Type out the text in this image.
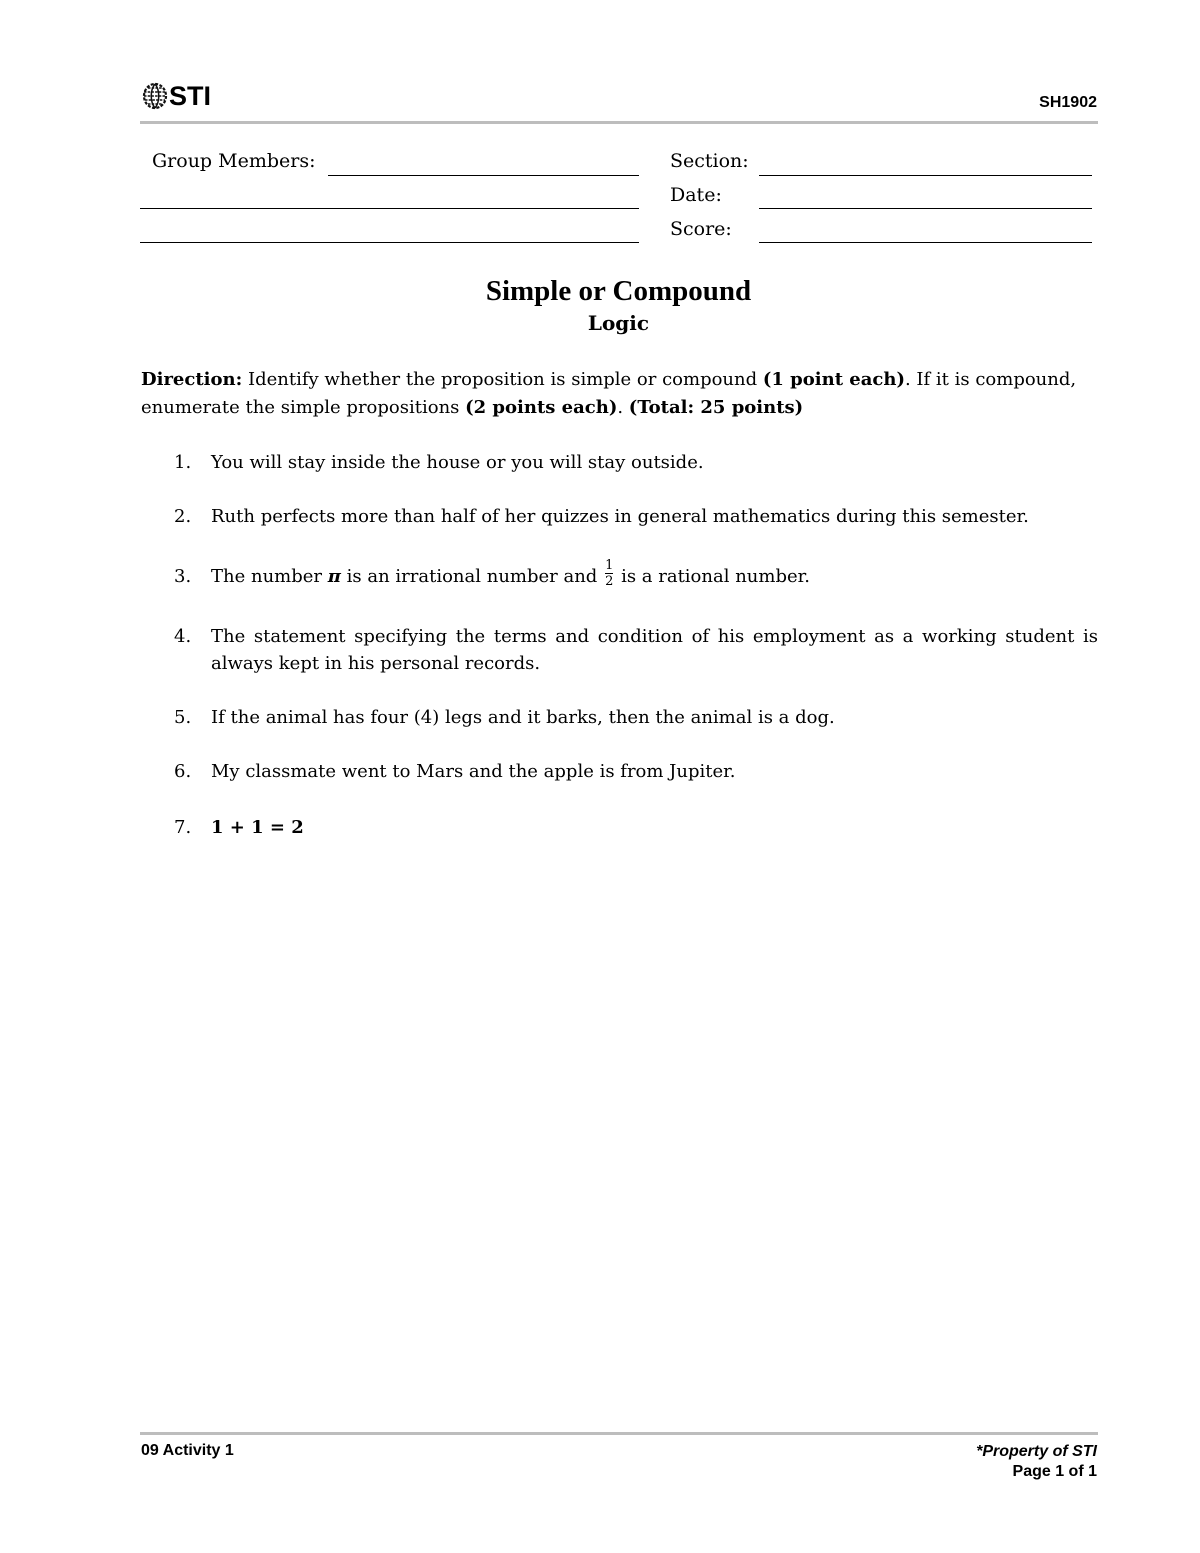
STI	SH1902
Group Members:	Section:
Date:
Score:
Simple or Compound
Logic
Direction: Identify whether the proposition is simple or compound (1 point each). If it is compound, enumerate the simple propositions (2 points each). (Total: 25 points)
1.	You will stay inside the house or you will stay outside.
2.	Ruth perfects more than half of her quizzes in general mathematics during this semester.
3.	The number π is an irrational number and $\frac{1}{2}$ is a rational number.
4.	The statement specifying the terms and condition of his employment as a working student is always kept in his personal records.
5.	If the animal has four (4) legs and it barks, then the animal is a dog.
6.	My classmate went to Mars and the apple is from Jupiter.
7.	1 + 1 = 2
09 Activity 1	*Property of STI
Page 1 of 1
